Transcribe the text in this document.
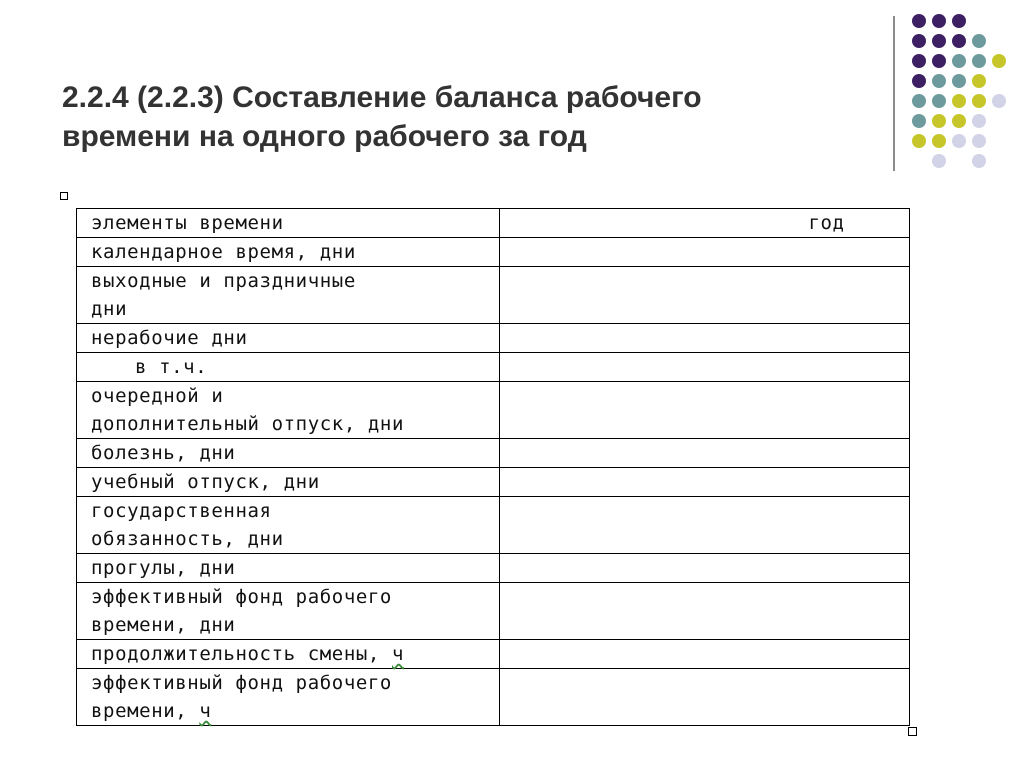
2.2.4 (2.2.3) Составление баланса рабочего
времени на одного рабочего за год
элементы времени	год
календарное время, дни	

выходные и праздничные
дни	

нерабочие дни	
в т.ч.	

очередной и
дополнительный отпуск, дни	

болезнь, дни	
учебный отпуск, дни	

государственная
обязанность, дни	

прогулы, дни	

эффективный фонд рабочего
времени, дни	

продолжительность смены, ч	

эффективный фонд рабочего
времени, ч	
